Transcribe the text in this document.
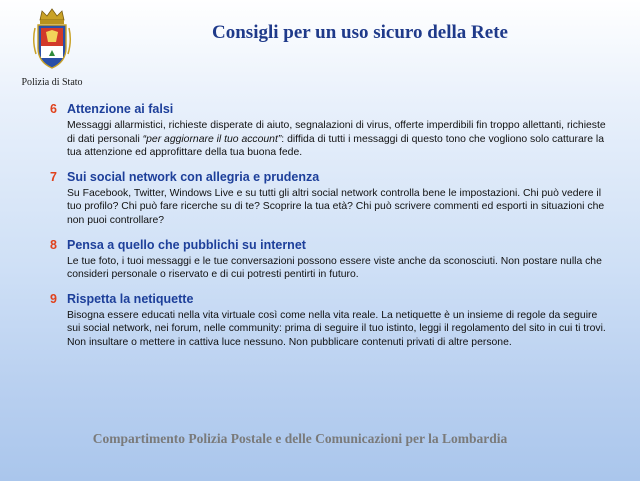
Polizia di Stato
Consigli per un uso sicuro della Rete
6 Attenzione ai falsi
Messaggi allarmistici, richieste disperate di aiuto, segnalazioni di virus, offerte imperdibili fin troppo allettanti, richieste di dati personali “per aggiornare il tuo account”: diffida di tutti i messaggi di questo tono che vogliono solo catturare la tua attenzione ed approfittare della tua buona fede.
7 Sui social network con allegria e prudenza
Su Facebook, Twitter, Windows Live e su tutti gli altri social network controlla bene le impostazioni. Chi può vedere il tuo profilo? Chi può fare ricerche su di te? Scoprire la tua età? Chi può scrivere commenti ed esporti in situazioni che non puoi controllare?
8 Pensa a quello che pubblichi su internet
Le tue foto, i tuoi messaggi e le tue conversazioni possono essere viste anche da sconosciuti. Non postare nulla che consideri personale o riservato e di cui potresti pentirti in futuro.
9 Rispetta la netiquette
Bisogna essere educati nella vita virtuale così come nella vita reale. La netiquette è un insieme di regole da seguire sui social network, nei forum, nelle community: prima di seguire il tuo istinto, leggi il regolamento del sito in cui ti trovi. Non insultare o mettere in cattiva luce nessuno. Non pubblicare contenuti privati di altre persone.
Compartimento Polizia Postale e delle Comunicazioni per la Lombardia
